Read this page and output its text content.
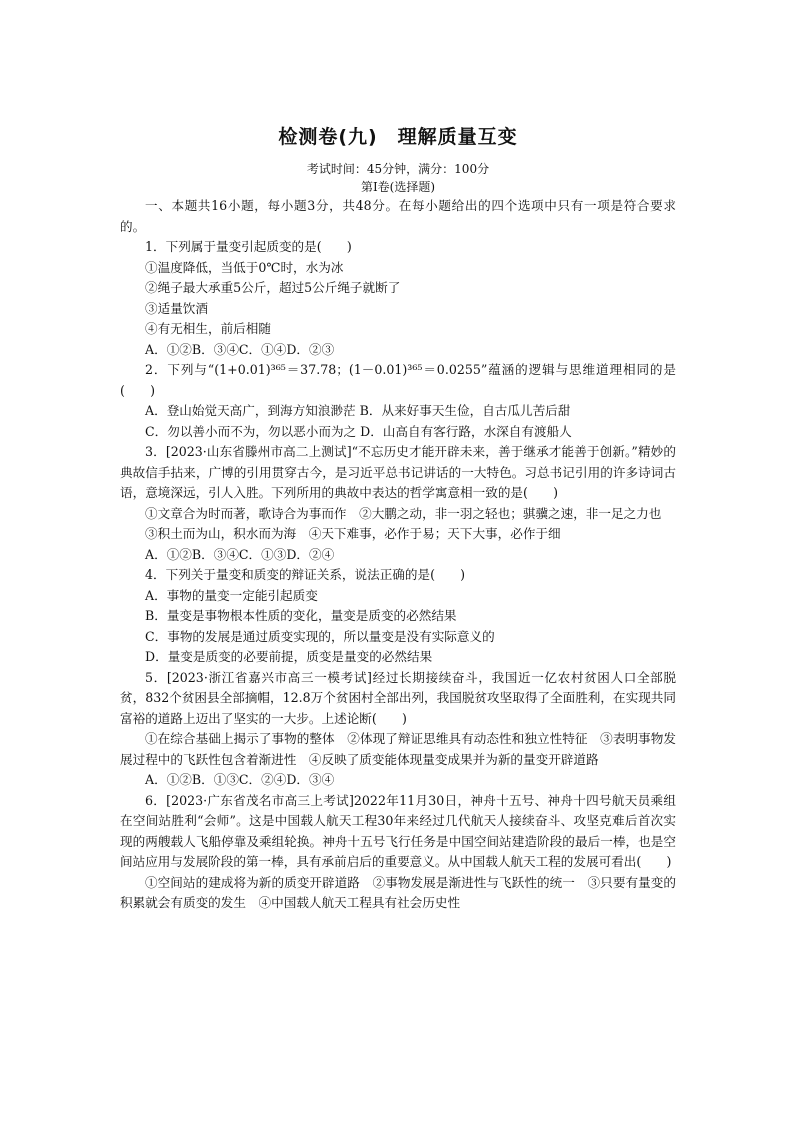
检测卷(九)　理解质量互变
考试时间：45分钟，满分：100分
第Ⅰ卷(选择题)

一、本题共16小题，每小题3分，共48分。在每小题给出的四个选项中只有一项是符合要求的。

1．下列属于量变引起质变的是(　　)

①温度降低，当低于0℃时，水为冰

②绳子最大承重5公斤，超过5公斤绳子就断了

③适量饮酒

④有无相生，前后相随

A．①②B．③④C．①④D．②③

2．下列与“(1+0.01)³⁶⁵＝37.78；(1－0.01)³⁶⁵＝0.0255”蕴涵的逻辑与思维道理相同的是(　　)

A．登山始觉天高广，到海方知浪渺茫 B．从来好事天生俭，自古瓜儿苦后甜

C．勿以善小而不为，勿以恶小而为之 D．山高自有客行路，水深自有渡船人

3．[2023·山东省滕州市高二上测试]“不忘历史才能开辟未来，善于继承才能善于创新。”精妙的典故信手拈来，广博的引用贯穿古今，是习近平总书记讲话的一大特色。习总书记引用的许多诗词古语，意境深远，引人入胜。下列所用的典故中表达的哲学寓意相一致的是(　　)

①文章合为时而著，歌诗合为事而作　②大鹏之动，非一羽之轻也；骐骥之速，非一足之力也

③积土而为山，积水而为海　④天下难事，必作于易；天下大事，必作于细

A．①②B．③④C．①③D．②④

4．下列关于量变和质变的辩证关系，说法正确的是(　　)

A．事物的量变一定能引起质变

B．量变是事物根本性质的变化，量变是质变的必然结果

C．事物的发展是通过质变实现的，所以量变是没有实际意义的

D．量变是质变的必要前提，质变是量变的必然结果

5．[2023·浙江省嘉兴市高三一模考试]经过长期接续奋斗，我国近一亿农村贫困人口全部脱贫，832个贫困县全部摘帽，12.8万个贫困村全部出列，我国脱贫攻坚取得了全面胜利，在实现共同富裕的道路上迈出了坚实的一大步。上述论断(　　)

①在综合基础上揭示了事物的整体　②体现了辩证思维具有动态性和独立性特征　③表明事物发展过程中的飞跃性包含着渐进性　④反映了质变能体现量变成果并为新的量变开辟道路

A．①②B．①③C．②④D．③④

6．[2023·广东省茂名市高三上考试]2022年11月30日，神舟十五号、神舟十四号航天员乘组在空间站胜利“会师”。这是中国载人航天工程30年来经过几代航天人接续奋斗、攻坚克难后首次实现的两艘载人飞船停靠及乘组轮换。神舟十五号飞行任务是中国空间站建造阶段的最后一棒，也是空间站应用与发展阶段的第一棒，具有承前启后的重要意义。从中国载人航天工程的发展可看出(　　)

①空间站的建成将为新的质变开辟道路　②事物发展是渐进性与飞跃性的统一　③只要有量变的积累就会有质变的发生　④中国载人航天工程具有社会历史性
